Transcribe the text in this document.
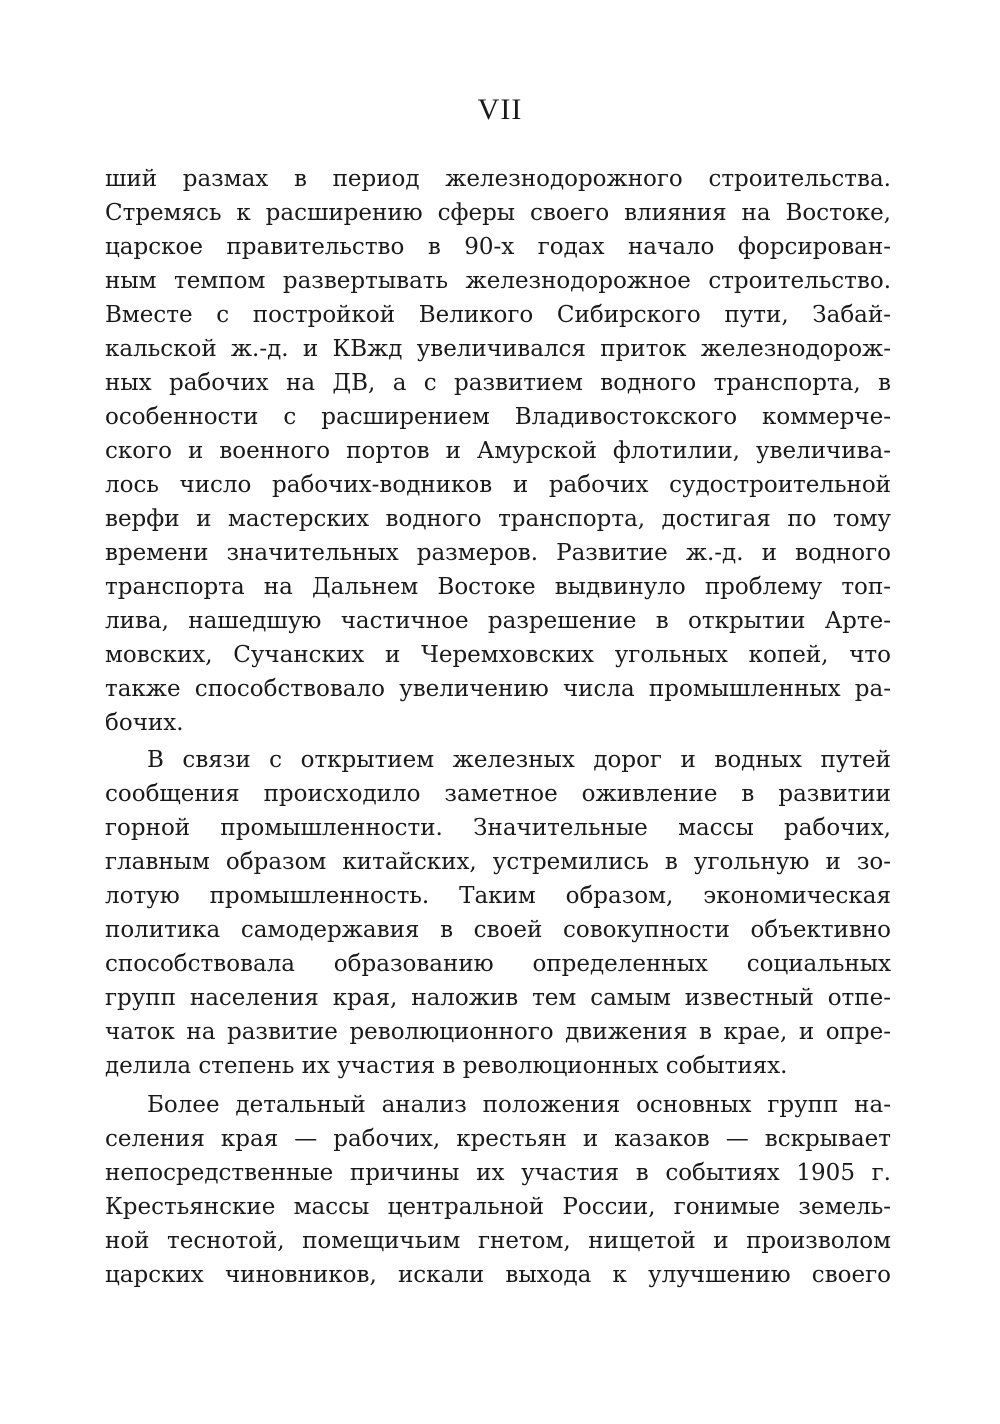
VII
ший размах в период железнодорожного строительства.
Стремясь к расширению сферы своего влияния на Востоке,
царское правительство в 90-х годах начало форсирован-
ным темпом развертывать железнодорожное строительство.
Вместе с постройкой Великого Сибирского пути, Забай-
кальской ж.-д. и КВжд увеличивался приток железнодорож-
ных рабочих на ДВ, а с развитием водного транспорта, в
особенности с расширением Владивостокского коммерче-
ского и военного портов и Амурской флотилии, увеличива-
лось число рабочих-водников и рабочих судостроительной
верфи и мастерских водного транспорта, достигая по тому
времени значительных размеров. Развитие ж.-д. и водного
транспорта на Дальнем Востоке выдвинуло проблему топ-
лива, нашедшую частичное разрешение в открытии Арте-
мовских, Сучанских и Черемховских угольных копей, что
также способствовало увеличению числа промышленных ра-
бочих.
В связи с открытием железных дорог и водных путей
сообщения происходило заметное оживление в развитии
горной промышленности. Значительные массы рабочих,
главным образом китайских, устремились в угольную и зо-
лотую промышленность. Таким образом, экономическая
политика самодержавия в своей совокупности объективно
способствовала образованию определенных социальных
групп населения края, наложив тем самым известный отпе-
чаток на развитие революционного движения в крае, и опре-
делила степень их участия в революционных событиях.
Более детальный анализ положения основных групп на-
селения края — рабочих, крестьян и казаков — вскрывает
непосредственные причины их участия в событиях 1905 г.
Крестьянские массы центральной России, гонимые земель-
ной теснотой, помещичьим гнетом, нищетой и произволом
царских чиновников, искали выхода к улучшению своего
